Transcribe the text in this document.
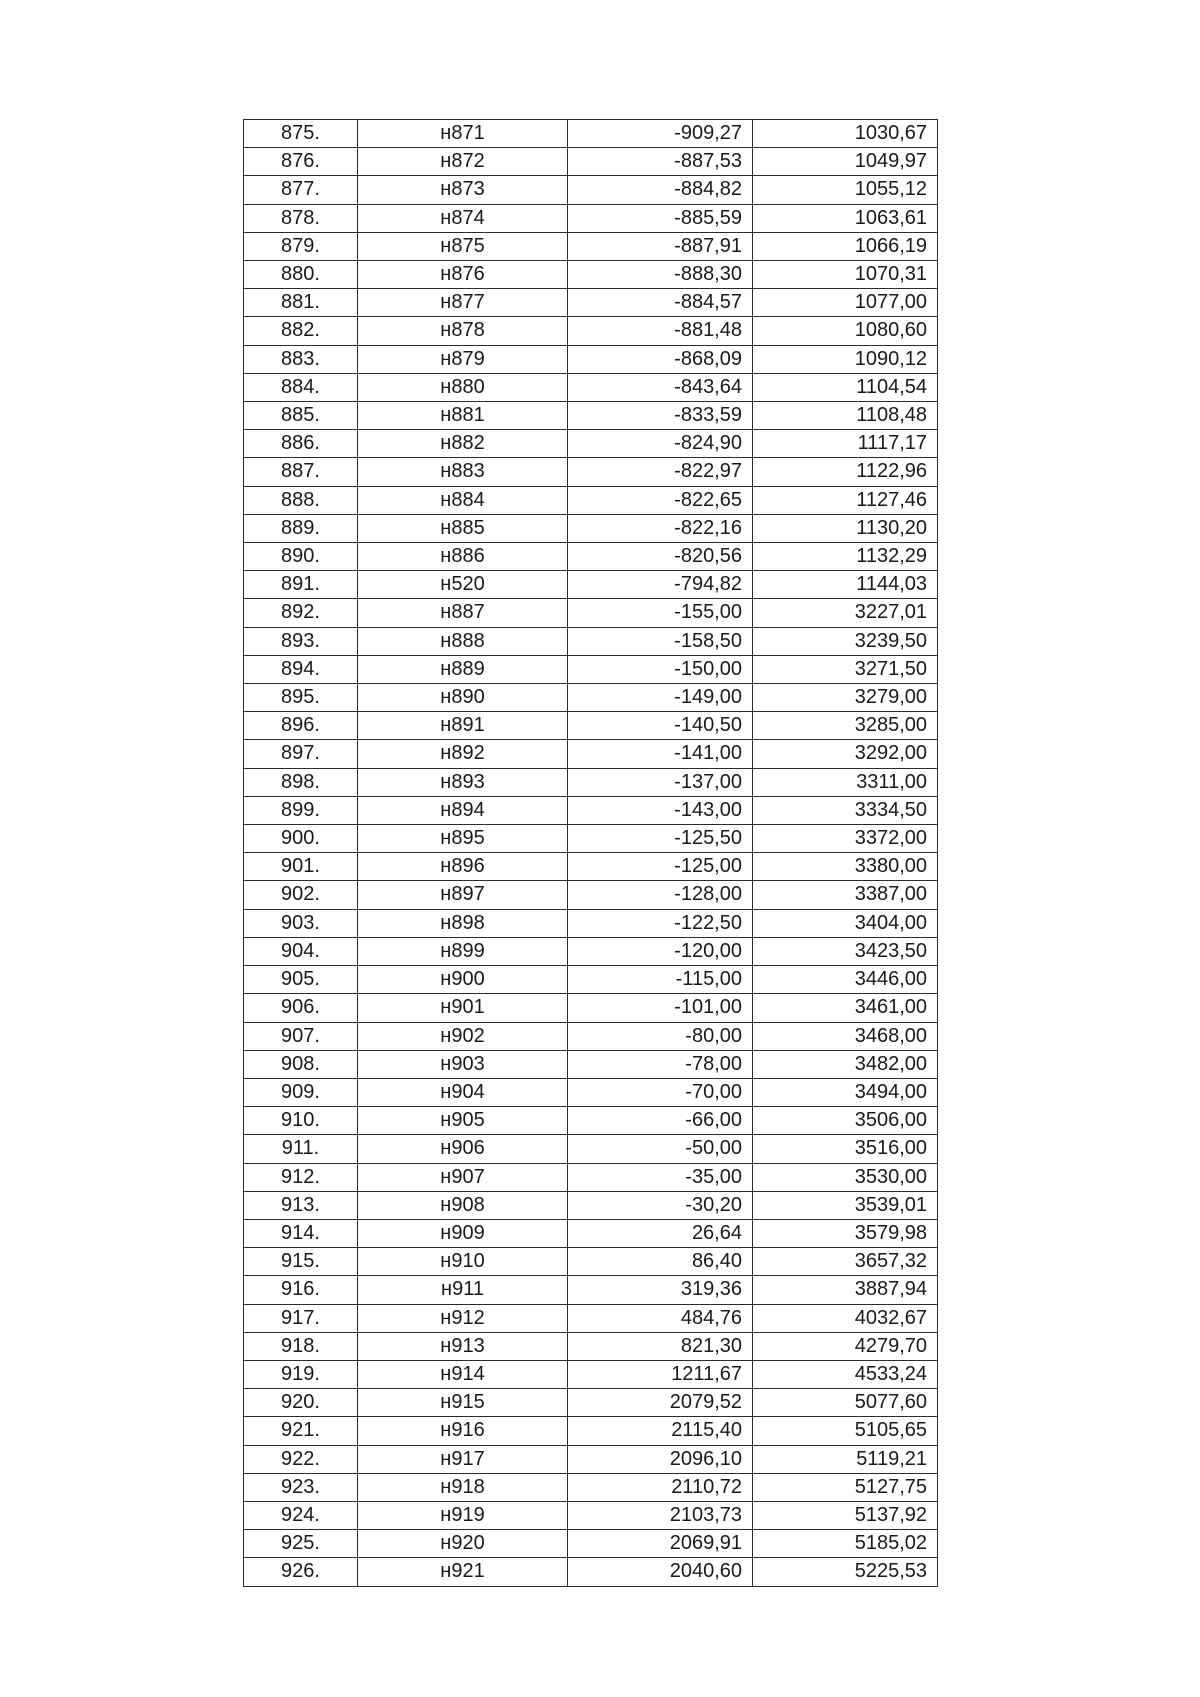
875.	н871	-909,27	1030,67
876.	н872	-887,53	1049,97
877.	н873	-884,82	1055,12
878.	н874	-885,59	1063,61
879.	н875	-887,91	1066,19
880.	н876	-888,30	1070,31
881.	н877	-884,57	1077,00
882.	н878	-881,48	1080,60
883.	н879	-868,09	1090,12
884.	н880	-843,64	1104,54
885.	н881	-833,59	1108,48
886.	н882	-824,90	1117,17
887.	н883	-822,97	1122,96
888.	н884	-822,65	1127,46
889.	н885	-822,16	1130,20
890.	н886	-820,56	1132,29
891.	н520	-794,82	1144,03
892.	н887	-155,00	3227,01
893.	н888	-158,50	3239,50
894.	н889	-150,00	3271,50
895.	н890	-149,00	3279,00
896.	н891	-140,50	3285,00
897.	н892	-141,00	3292,00
898.	н893	-137,00	3311,00
899.	н894	-143,00	3334,50
900.	н895	-125,50	3372,00
901.	н896	-125,00	3380,00
902.	н897	-128,00	3387,00
903.	н898	-122,50	3404,00
904.	н899	-120,00	3423,50
905.	н900	-115,00	3446,00
906.	н901	-101,00	3461,00
907.	н902	-80,00	3468,00
908.	н903	-78,00	3482,00
909.	н904	-70,00	3494,00
910.	н905	-66,00	3506,00
911.	н906	-50,00	3516,00
912.	н907	-35,00	3530,00
913.	н908	-30,20	3539,01
914.	н909	26,64	3579,98
915.	н910	86,40	3657,32
916.	н911	319,36	3887,94
917.	н912	484,76	4032,67
918.	н913	821,30	4279,70
919.	н914	1211,67	4533,24
920.	н915	2079,52	5077,60
921.	н916	2115,40	5105,65
922.	н917	2096,10	5119,21
923.	н918	2110,72	5127,75
924.	н919	2103,73	5137,92
925.	н920	2069,91	5185,02
926.	н921	2040,60	5225,53
